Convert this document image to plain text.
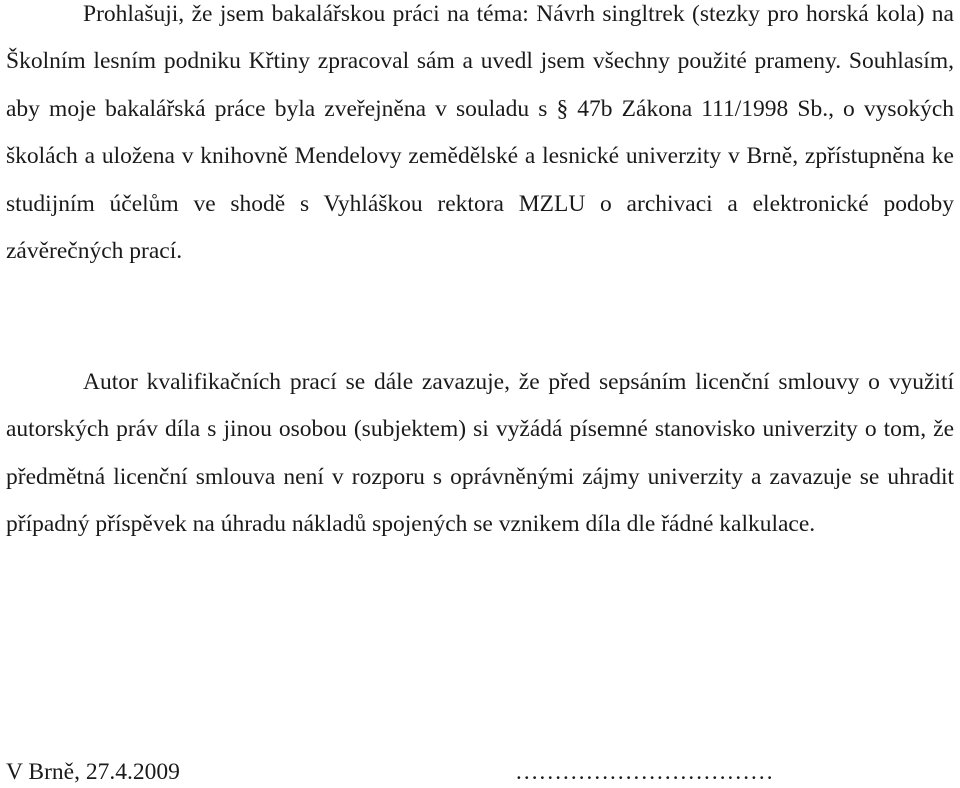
Prohlašuji, že jsem bakalářskou práci na téma: Návrh singltrek (stezky pro horská kola) na Školním lesním podniku Křtiny zpracoval sám a uvedl jsem všechny použité prameny. Souhlasím, aby moje bakalářská práce byla zveřejněna v souladu s § 47b Zákona 111/1998 Sb., o vysokých školách a uložena v knihovně Mendelovy zemědělské a lesnické univerzity v Brně, zpřístupněna ke studijním účelům ve shodě s Vyhláškou rektora MZLU o archivaci a elektronické podoby závěrečných prací.

Autor kvalifikačních prací se dále zavazuje, že před sepsáním licenční smlouvy o využití autorských práv díla s jinou osobou (subjektem) si vyžádá písemné stanovisko univerzity o tom, že předmětná licenční smlouva není v rozporu s oprávněnými zájmy univerzity a zavazuje se uhradit případný příspěvek na úhradu nákladů spojených se vznikem díla dle řádné kalkulace.

V Brně, 27.4.2009	……………………………
